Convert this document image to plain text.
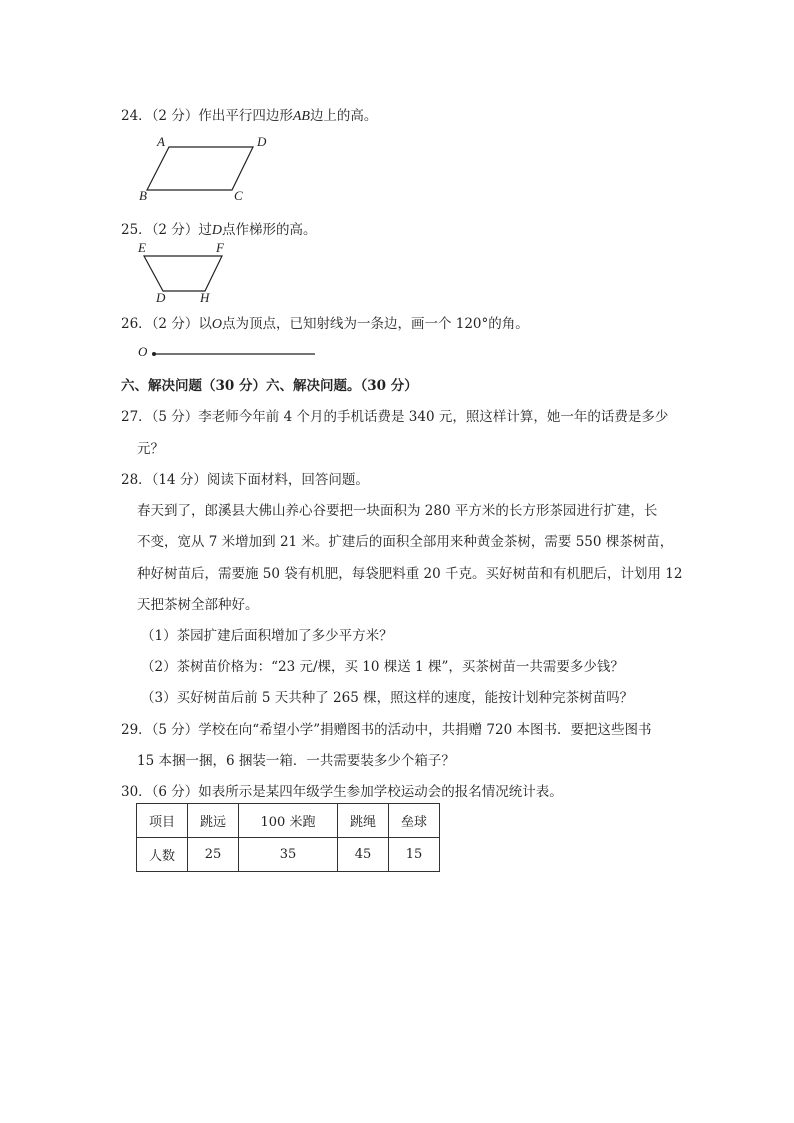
24．（2 分）作出平行四边形AB边上的高。
A	D
B	C
25．（2 分）过D点作梯形的高。
E	F
D	H
26．（2 分）以O点为顶点，已知射线为一条边，画一个 120°的角。
O
六、解决问题（30 分）六、解决问题。（30 分）
27．（5 分）李老师今年前 4 个月的手机话费是 340 元，照这样计算，她一年的话费是多少
元？
28．（14 分）阅读下面材料，回答问题。
春天到了，郎溪县大佛山养心谷要把一块面积为 280 平方米的长方形茶园进行扩建，长
不变，宽从 7 米增加到 21 米。扩建后的面积全部用来种黄金茶树，需要 550 棵茶树苗，
种好树苗后，需要施 50 袋有机肥，每袋肥料重 20 千克。买好树苗和有机肥后，计划用 12
天把茶树全部种好。
（1）茶园扩建后面积增加了多少平方米？
（2）茶树苗价格为：“23 元/棵，买 10 棵送 1 棵”，买茶树苗一共需要多少钱？
（3）买好树苗后前 5 天共种了 265 棵，照这样的速度，能按计划种完茶树苗吗？
29．（5 分）学校在向“希望小学”捐赠图书的活动中，共捐赠 720 本图书．要把这些图书
15 本捆一捆，6 捆装一箱．一共需要装多少个箱子？
30．（6 分）如表所示是某四年级学生参加学校运动会的报名情况统计表。
项目	跳远	100 米跑	跳绳	垒球
人数	25	35	45	15
